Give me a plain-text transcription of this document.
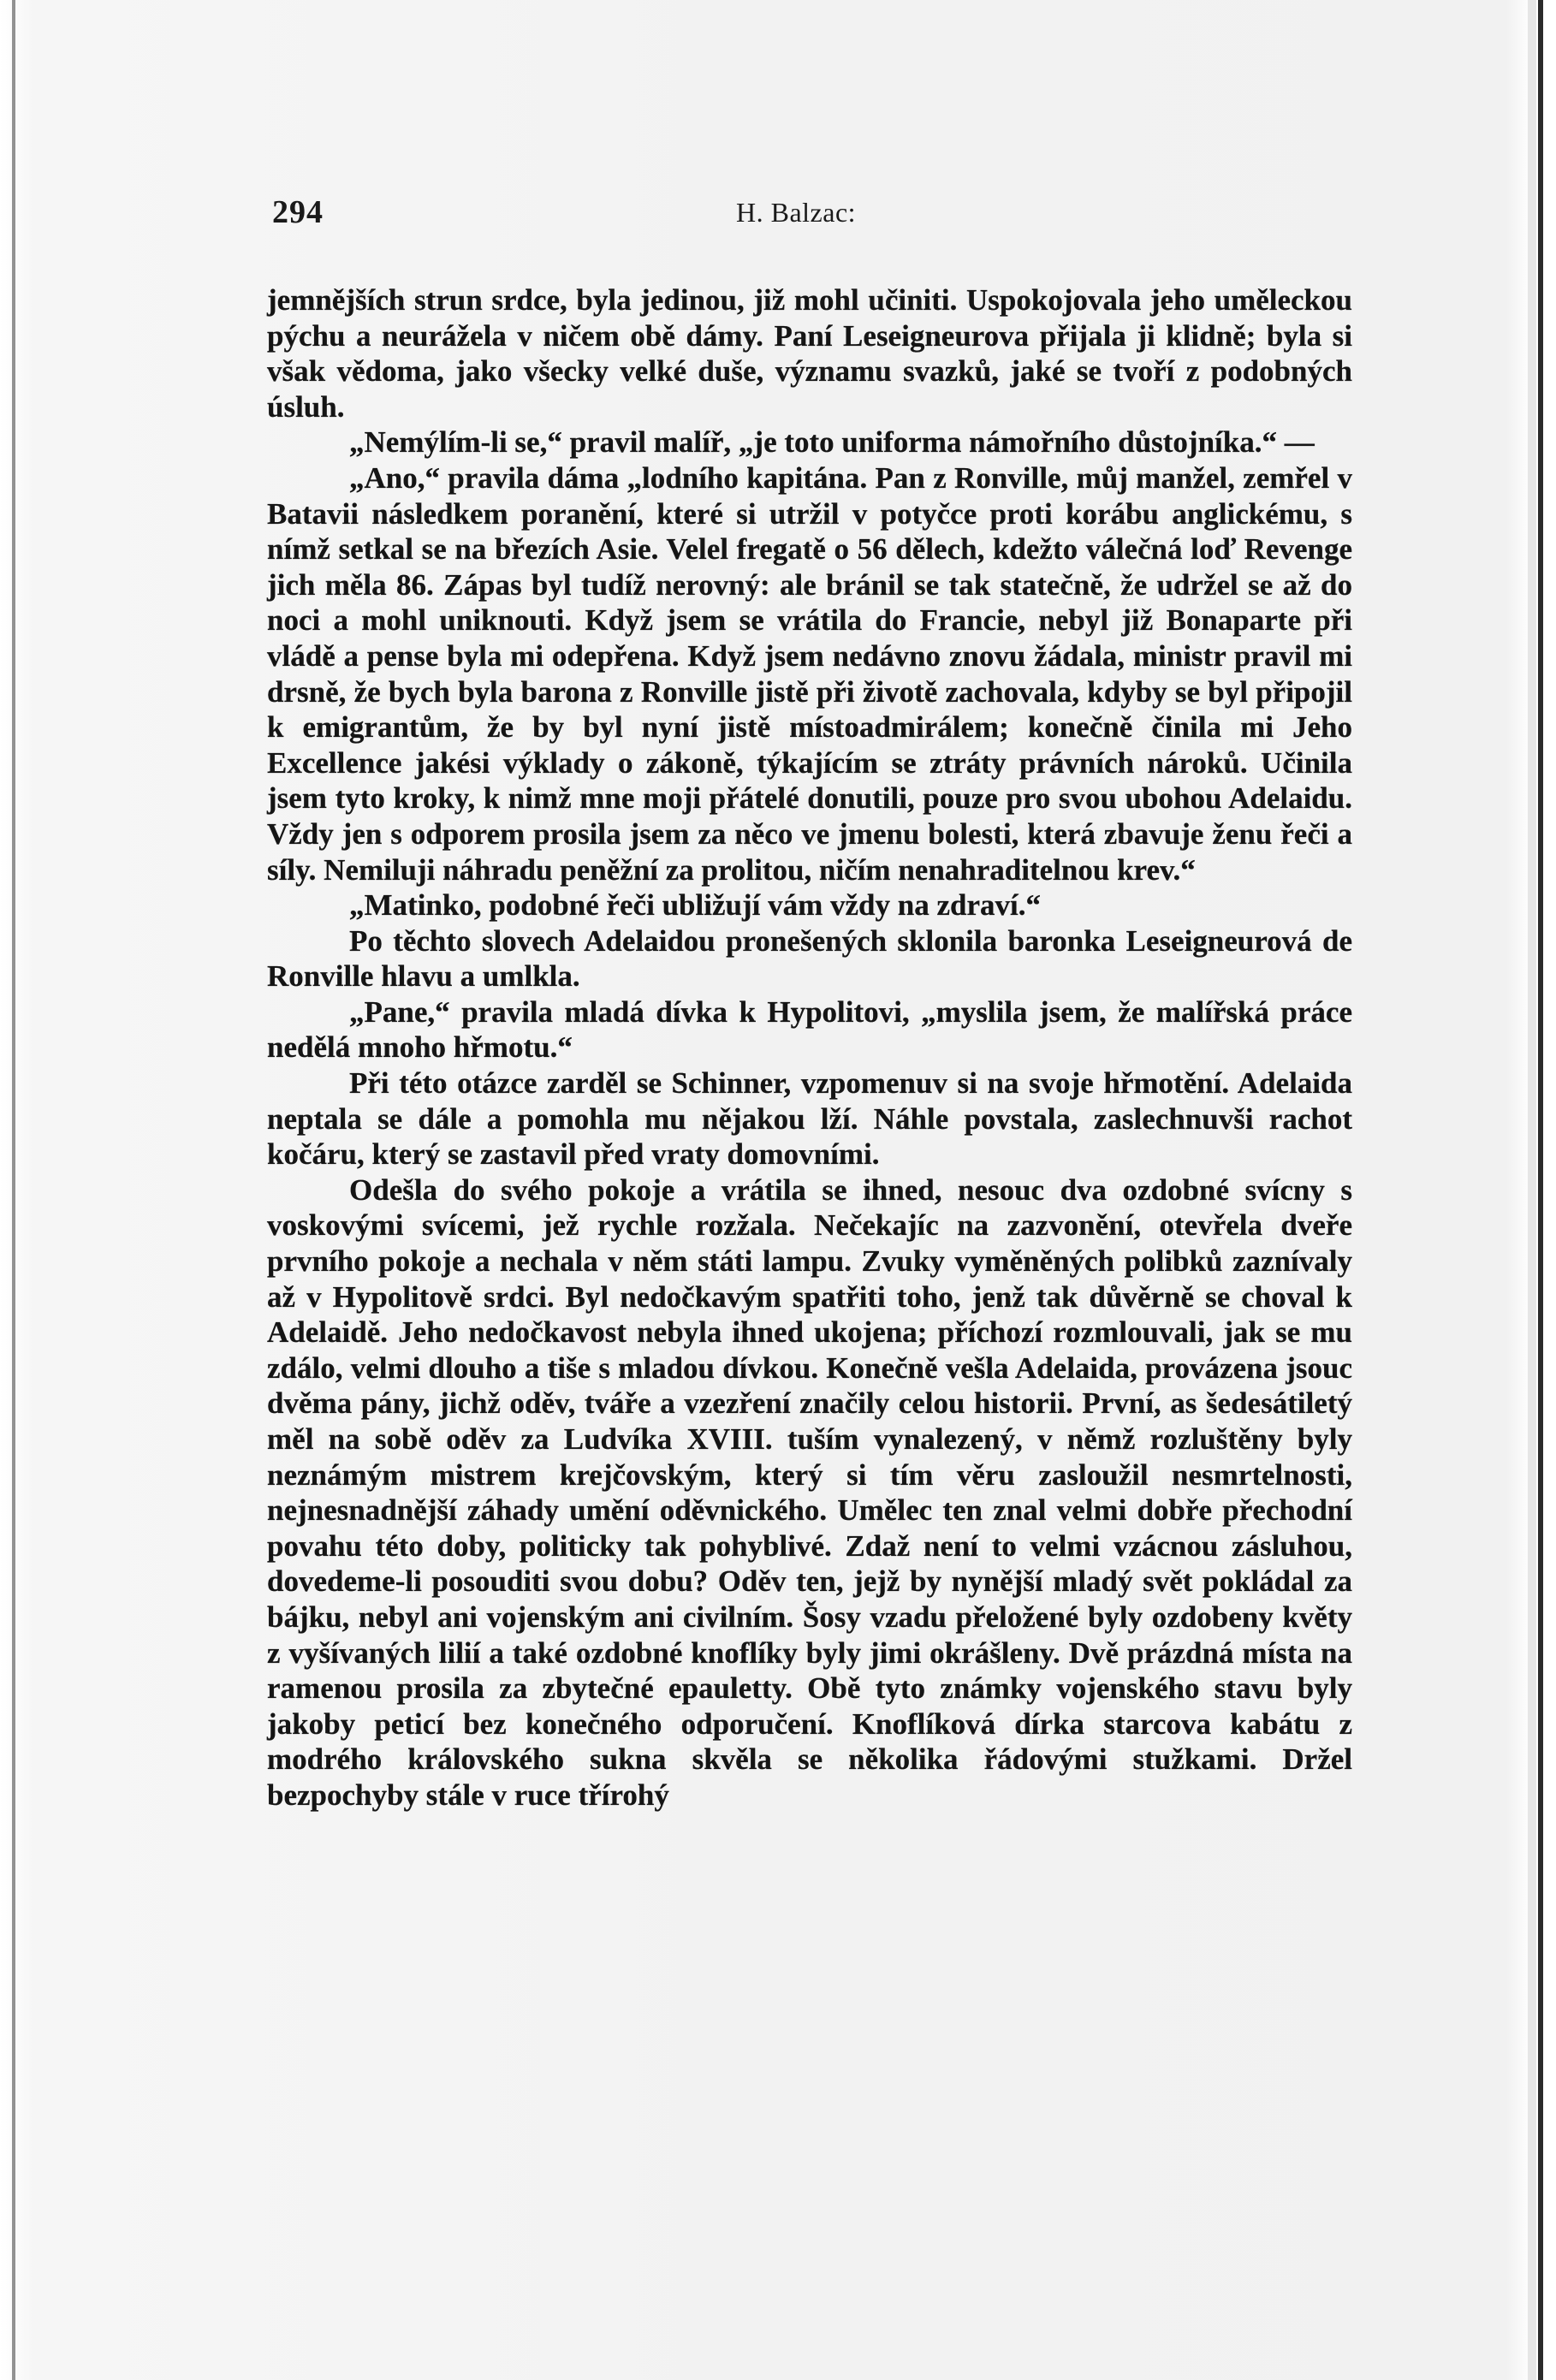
294	H. Balzac:

jemnějších strun srdce, byla jedinou, již mohl učiniti. Uspokojovala jeho uměleckou pýchu a neurážela v ničem obě dámy. Paní Leseigneurova přijala ji klidně; byla si však vědoma, jako všecky velké duše, významu svazků, jaké se tvoří z podobných úsluh.

„Nemýlím-li se,“ pravil malíř, „je toto uniforma námořního důstojníka.“ —

„Ano,“ pravila dáma „lodního kapitána. Pan z Ronville, můj manžel, zemřel v Batavii následkem poranění, které si utržil v potyčce proti korábu anglickému, s nímž setkal se na březích Asie. Velel fregatě o 56 dělech, kdežto válečná loď Revenge jich měla 86. Zápas byl tudíž nerovný: ale bránil se tak statečně, že udržel se až do noci a mohl uniknouti. Když jsem se vrátila do Francie, nebyl již Bonaparte při vládě a pense byla mi odepřena. Když jsem nedávno znovu žádala, ministr pravil mi drsně, že bych byla barona z Ronville jistě při životě zachovala, kdyby se byl připojil k emigrantům, že by byl nyní jistě místoadmirálem; konečně činila mi Jeho Excellence jakési výklady o zákoně, týkajícím se ztráty právních nároků. Učinila jsem tyto kroky, k nimž mne moji přátelé donutili, pouze pro svou ubohou Adelaidu. Vždy jen s odporem prosila jsem za něco ve jmenu bolesti, která zbavuje ženu řeči a síly. Nemiluji náhradu peněžní za prolitou, ničím nenahraditelnou krev.“

„Matinko, podobné řeči ubližují vám vždy na zdraví.“

Po těchto slovech Adelaidou pronešených sklonila baronka Leseigneurová de Ronville hlavu a umlkla.

„Pane,“ pravila mladá dívka k Hypolitovi, „myslila jsem, že malířská práce nedělá mnoho hřmotu.“

Při této otázce zarděl se Schinner, vzpomenuv si na svoje hřmotění. Adelaida neptala se dále a pomohla mu nějakou lží. Náhle povstala, zaslechnuvši rachot kočáru, který se zastavil před vraty domovními.

Odešla do svého pokoje a vrátila se ihned, nesouc dva ozdobné svícny s voskovými svícemi, jež rychle rozžala. Nečekajíc na zazvonění, otevřela dveře prvního pokoje a nechala v něm státi lampu. Zvuky vyměněných polibků zaznívaly až v Hypolitově srdci. Byl nedočkavým spatřiti toho, jenž tak důvěrně se choval k Adelaidě. Jeho nedočkavost nebyla ihned ukojena; příchozí rozmlouvali, jak se mu zdálo, velmi dlouho a tiše s mladou dívkou. Konečně vešla Adelaida, provázena jsouc dvěma pány, jichž oděv, tváře a vzezření značily celou historii. První, as šedesátiletý měl na sobě oděv za Ludvíka XVIII. tuším vynalezený, v němž rozluštěny byly neznámým mistrem krejčovským, který si tím věru zasloužil nesmrtelnosti, nejnesnadnější záhady umění oděvnického. Umělec ten znal velmi dobře přechodní povahu této doby, politicky tak pohyblivé. Zdaž není to velmi vzácnou zásluhou, dovedeme-li posouditi svou dobu? Oděv ten, jejž by nynější mladý svět pokládal za bájku, nebyl ani vojenským ani civilním. Šosy vzadu přeložené byly ozdobeny květy z vyšívaných lilií a také ozdobné knoflíky byly jimi okrášleny. Dvě prázdná místa na ramenou prosila za zbytečné epauletty. Obě tyto známky vojenského stavu byly jakoby peticí bez konečného odporučení. Knoflíková dírka starcova kabátu z modrého královského sukna skvěla se několika řádovými stužkami. Držel bezpochyby stále v ruce třírohý
